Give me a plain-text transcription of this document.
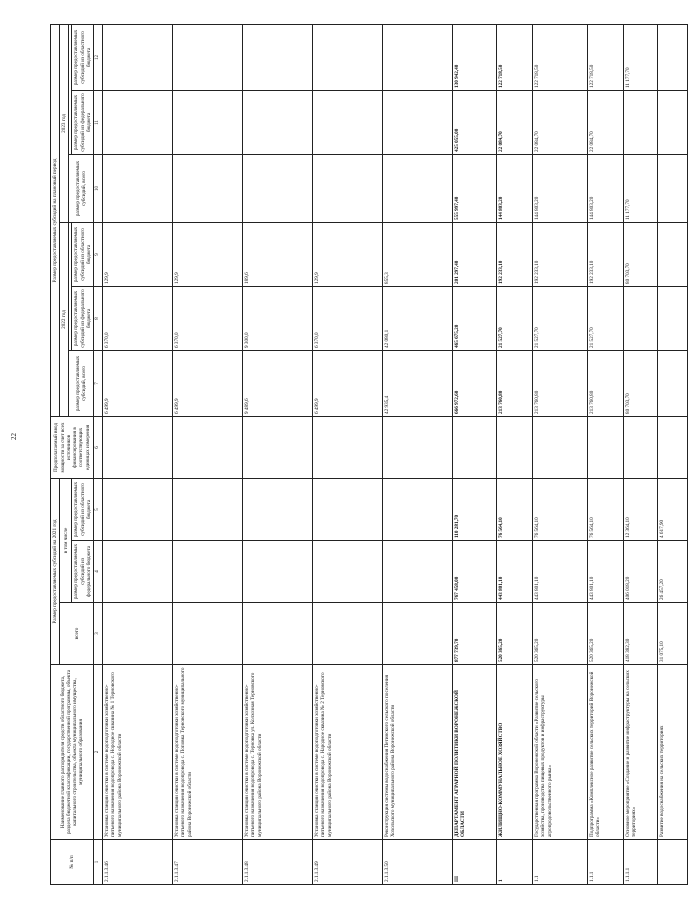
22
№ п/п	Наименование главного распорядителя средств областного бюджета, раздела бюджетной классификации, государственной программы, объекта капитального строительства, объекта муниципального имущества, муниципального образования	Размер предоставляемых субсидий на 2021 год			Предполагаемый ввод мощности за счет всех источников финансирования в соответствующих единицах измерения	Размер предоставляемых субсидий на плановый период					
		всего	в том числе			2022 год			2023 год		
						размер предоставляемых субсидий, всего			размер предоставляемых субсидий, всего		
			размер предоставляемых субсидий из федерального бюджета	размер предоставляемых субсидий из областного бюджета			размер предоставляемых субсидий из федерального бюджета	размер предоставляемых субсидий из областного бюджета		размер предоставляемых субсидий из федерального бюджета	размер предоставляемых субсидий из областного бюджета
1	2	3	4	5	6	7	8	9	10	11	12
2.1.1.3.46	Установка станции очистки в системе водоподготовки хозяйственно-питьевого назначения водопровода с. Нородное сквазина № 1 Терновского муниципального района Воронежской области					6 499,9	6 370,0	129,9			
2.1.1.3.47	Установка станции очистки в системе водоподготовки хозяйственно-питьевого назначения водопровода с. Поповка Терновского муниципального района Воронежской области					6 499,9	6 370,0	129,9			
2.1.1.3.48	Установка станции очистки в системе водоподготовки хозяйственно-питьевого назначения водопровода с. Терновка ул. Колхозная Терновского муниципального района Воронежской области					9 489,6	9 300,0	189,6			
2.1.1.3.49	Установка станции очистки в системе водоподготовки хозяйственно-питьевого назначения водопровода с. Народное сквазина № 2 Терновского муниципального района Воронежской области					6 499,9	6 370,0	129,9			
2.1.1.3.50	Реконструкция системы водоснабжения Петинского сельского поселения Хохольского муниципального района Воронежской области					42 935,4	42 080,1	855,3			
III	ДЕПАРТАМЕНТ АГРАРНОЙ ПОЛИТИКИ ВОРОНЕЖСКОЙ ОБЛАСТИ	877 739,70	767 458,00	110 281,70		666 972,60	465 675,20	201 297,40	555 997,40	425 055,00	130 942,40
1	ЖИЛИЩНО-КОММУНАЛЬНОЕ ХОЗЯЙСТВО	520 365,20	443 801,10	76 564,10		213 760,80	21 527,70	192 233,10	144 803,20	22 084,70	122 718,50
1.1	Государственная программа Воронежской области «Развитие сельского хозяйства, производства пищевых продуктов и инфраструктуры агропродовольственного рынка»	520 365,20	443 801,10	76 564,10		213 760,80	21 527,70	192 233,10	144 803,20	22 084,70	122 718,50
1.1.1	Подпрограмма «Комплексное развитие сельских территорий Воронежской области»	520 365,20	443 801,10	76 564,10		213 760,80	21 527,70	192 233,10	144 803,20	22 084,70	122 718,50
1.1.1.1	Основное мероприятие «Создание и развитие инфраструктуры на сельских территориях»	418 382,30	406 018,20	12 364,10		80 703,70		80 703,70	11 177,70		11 177,70
	Развитие водоснабжения на сельских территориях	31 075,10	26 457,20	4 617,90							
